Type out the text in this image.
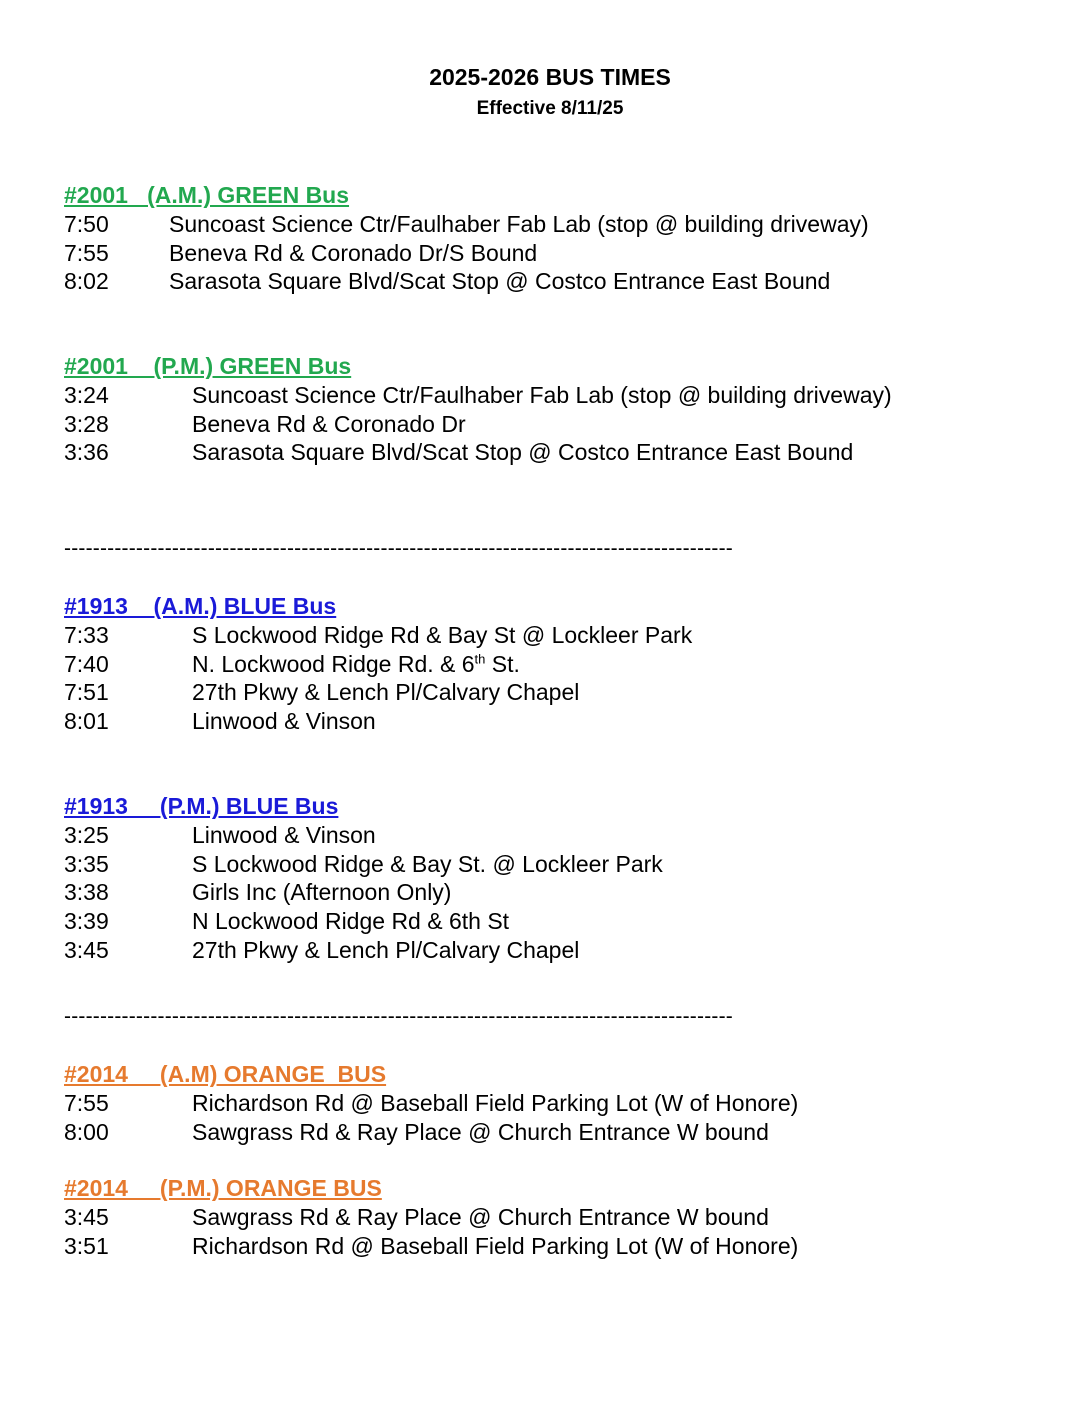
2025-2026 BUS TIMES
Effective 8/11/25
#2001   (A.M.) GREEN Bus
7:50	Suncoast Science Ctr/Faulhaber Fab Lab (stop @ building driveway)
7:55	Beneva Rd & Coronado Dr/S Bound
8:02	Sarasota Square Blvd/Scat Stop @ Costco Entrance East Bound
#2001    (P.M.) GREEN Bus
3:24	Suncoast Science Ctr/Faulhaber Fab Lab (stop @ building driveway)
3:28	Beneva Rd & Coronado Dr
3:36	Sarasota Square Blvd/Scat Stop @ Costco Entrance East Bound
---------------------------------------------------------------------------------------------
#1913    (A.M.) BLUE Bus
7:33	S Lockwood Ridge Rd & Bay St @ Lockleer Park
7:40	N. Lockwood Ridge Rd. & 6th St.
7:51	27th Pkwy & Lench Pl/Calvary Chapel
8:01	Linwood & Vinson
#1913     (P.M.) BLUE Bus
3:25	Linwood & Vinson
3:35	S Lockwood Ridge & Bay St. @ Lockleer Park
3:38	Girls Inc (Afternoon Only)
3:39	N Lockwood Ridge Rd & 6th St
3:45	27th Pkwy & Lench Pl/Calvary Chapel
---------------------------------------------------------------------------------------------
#2014     (A.M) ORANGE  BUS
7:55	Richardson Rd @ Baseball Field Parking Lot (W of Honore)
8:00	Sawgrass Rd & Ray Place @ Church Entrance W bound
#2014     (P.M.) ORANGE BUS
3:45	Sawgrass Rd & Ray Place @ Church Entrance W bound
3:51	Richardson Rd @ Baseball Field Parking Lot (W of Honore)
